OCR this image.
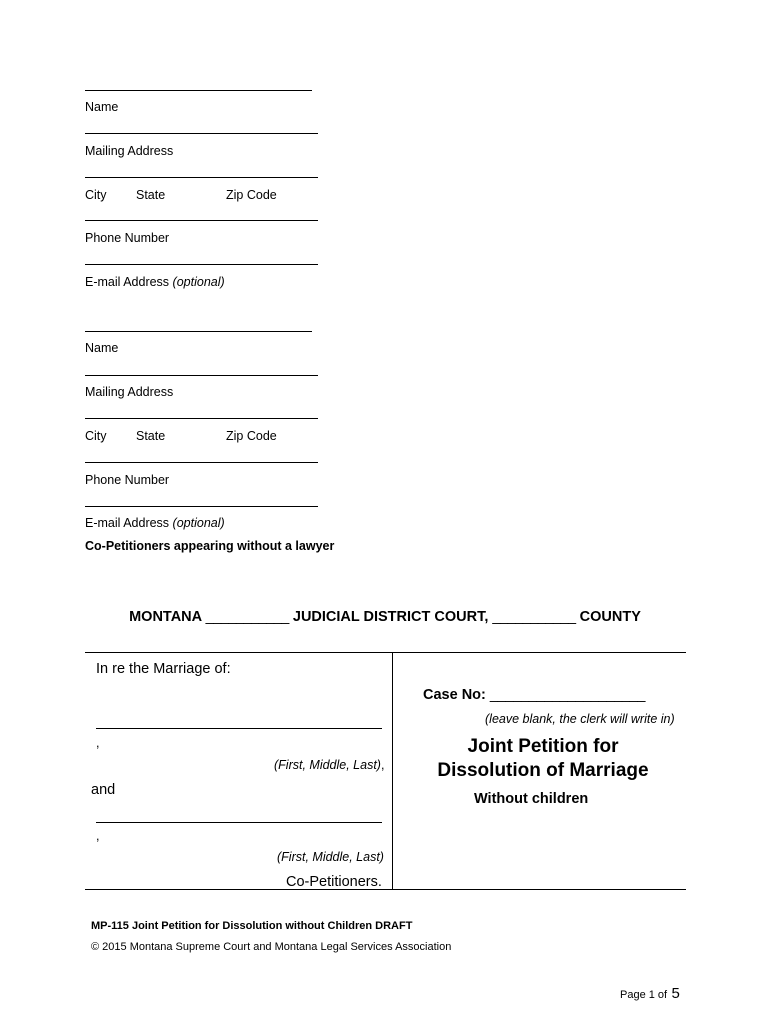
Name
Mailing Address
City State	Zip Code
Phone Number
E-mail Address (optional)
Name
Mailing Address
City State	Zip Code
Phone Number
E-mail Address (optional)
Co-Petitioners appearing without a lawyer
MONTANA ___________ JUDICIAL DISTRICT COURT, ___________ COUNTY
In re the Marriage of:
,
(First, Middle, Last),
and
,
(First, Middle, Last)
Co-Petitioners.
Case No: ____________________
(leave blank, the clerk will write in)
Joint Petition for
Dissolution of Marriage
Without children
MP-115 Joint Petition for Dissolution without Children DRAFT
© 2015 Montana Supreme Court and Montana Legal Services Association
Page 1 of 5
